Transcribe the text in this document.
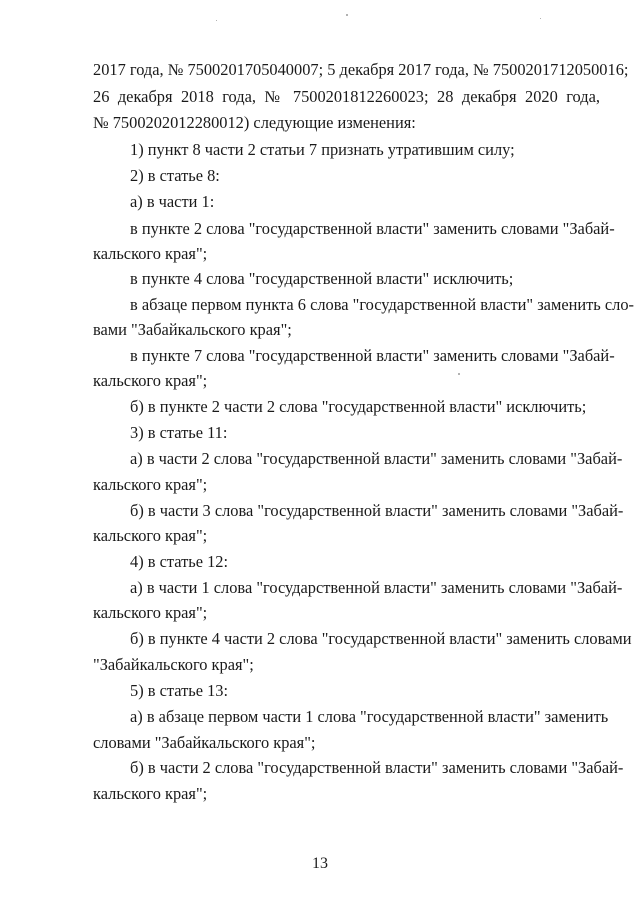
2017 года, № 7500201705040007; 5 декабря 2017 года, № 7500201712050016;
26 декабря 2018 года, № 7500201812260023; 28 декабря 2020 года,
№ 7500202012280012) следующие изменения:
1) пункт 8 части 2 статьи 7 признать утратившим силу;
2) в статье 8:
а) в части 1:
в пункте 2 слова "государственной власти" заменить словами "Забай-
кальского края";
в пункте 4 слова "государственной власти" исключить;
в абзаце первом пункта 6 слова "государственной власти" заменить сло-
вами "Забайкальского края";
в пункте 7 слова "государственной власти" заменить словами "Забай-
кальского края";
б) в пункте 2 части 2 слова "государственной власти" исключить;
3) в статье 11:
а) в части 2 слова "государственной власти" заменить словами "Забай-
кальского края";
б) в части 3 слова "государственной власти" заменить словами "Забай-
кальского края";
4) в статье 12:
а) в части 1 слова "государственной власти" заменить словами "Забай-
кальского края";
б) в пункте 4 части 2 слова "государственной власти" заменить словами
"Забайкальского края";
5) в статье 13:
а) в абзаце первом части 1 слова "государственной власти" заменить
словами "Забайкальского края";
б) в части 2 слова "государственной власти" заменить словами "Забай-
кальского края";
13
